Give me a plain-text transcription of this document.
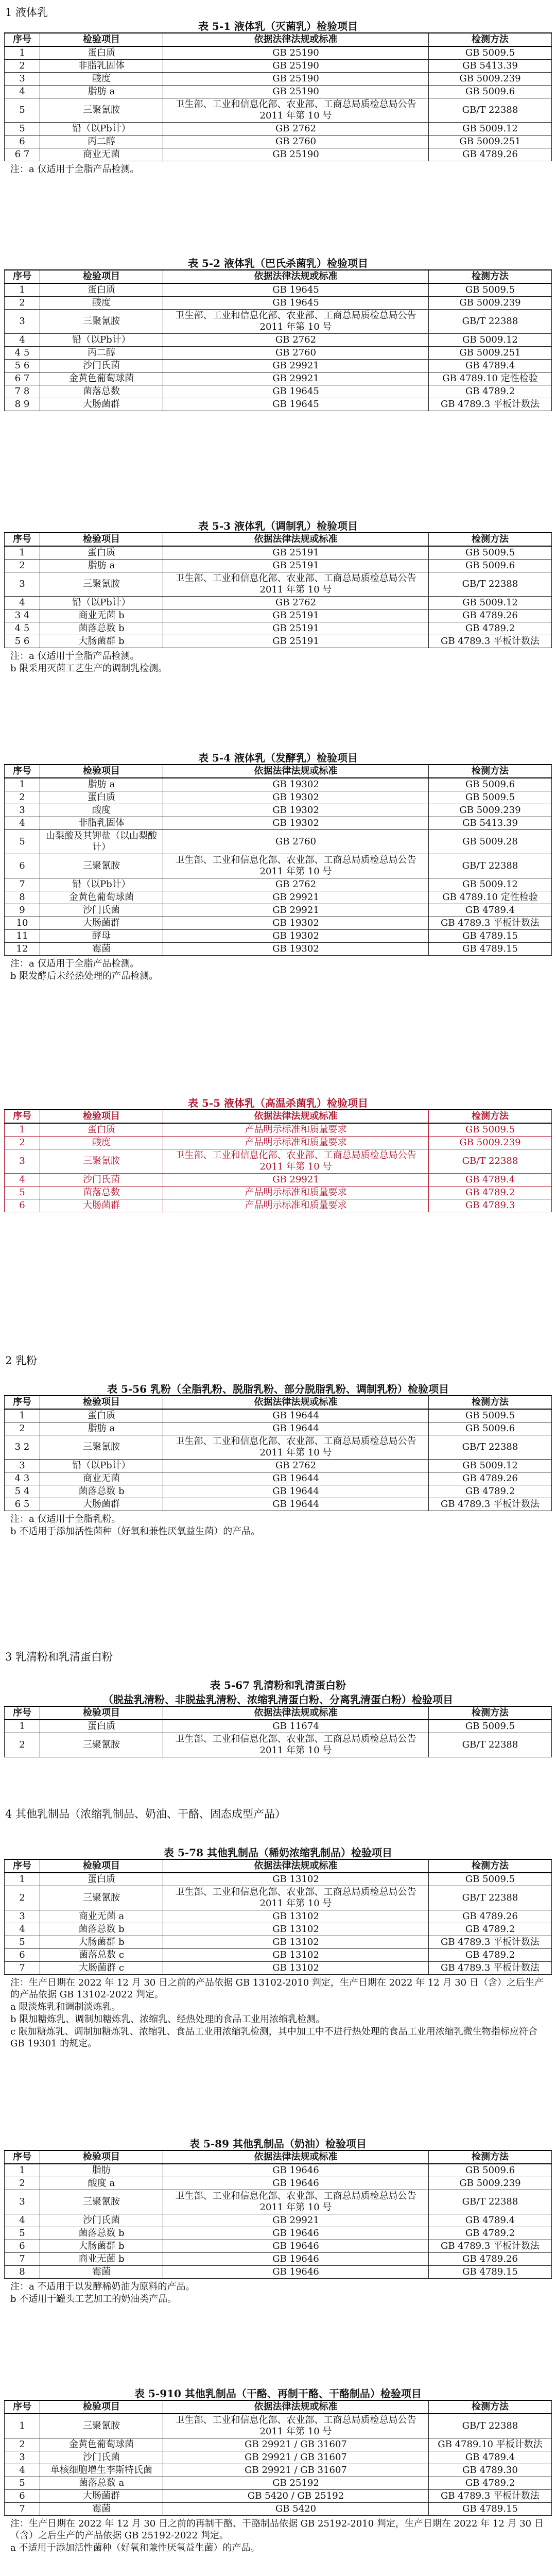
1 液体乳
2 乳粉
3 乳清粉和乳清蛋白粉
4 其他乳制品（浓缩乳制品、奶油、干酪、固态成型产品）
表 5-1 液体乳（灭菌乳）检验项目
序号	检验项目	依据法律法规或标准	检测方法
1	蛋白质	GB 25190	GB 5009.5
2	非脂乳固体	GB 25190	GB 5413.39
3	酸度	GB 25190	GB 5009.239
4	脂肪 a	GB 25190	GB 5009.6
5	三聚氰胺	卫生部、工业和信息化部、农业部、工商总局质检总局公告 2011 年第 10 号	GB/T 22388
5	铅（以Pb计）	GB 2762	GB 5009.12
6	丙二醇	GB 2760	GB 5009.251
6 7	商业无菌	GB 25190	GB 4789.26
注：a 仅适用于全脂产品检测。
表 5-2 液体乳（巴氏杀菌乳）检验项目
序号	检验项目	依据法律法规或标准	检测方法
1	蛋白质	GB 19645	GB 5009.5
2	酸度	GB 19645	GB 5009.239
3	三聚氰胺	卫生部、工业和信息化部、农业部、工商总局质检总局公告 2011 年第 10 号	GB/T 22388
4	铅（以Pb计）	GB 2762	GB 5009.12
4 5	丙二醇	GB 2760	GB 5009.251
5 6	沙门氏菌	GB 29921	GB 4789.4
6 7	金黄色葡萄球菌	GB 29921	GB 4789.10 定性检验
7 8	菌落总数	GB 19645	GB 4789.2
8 9	大肠菌群	GB 19645	GB 4789.3 平板计数法
表 5-3 液体乳（调制乳）检验项目
序号	检验项目	依据法律法规或标准	检测方法
1	蛋白质	GB 25191	GB 5009.5
2	脂肪 a	GB 25191	GB 5009.6
3	三聚氰胺	卫生部、工业和信息化部、农业部、工商总局质检总局公告 2011 年第 10 号	GB/T 22388
4	铅（以Pb计）	GB 2762	GB 5009.12
3 4	商业无菌 b	GB 25191	GB 4789.26
4 5	菌落总数 b	GB 25191	GB 4789.2
5 6	大肠菌群 b	GB 25191	GB 4789.3 平板计数法
注：a 仅适用于全脂产品检测。
b 限采用灭菌工艺生产的调制乳检测。
表 5-4 液体乳（发酵乳）检验项目
序号	检验项目	依据法律法规或标准	检测方法
1	脂肪 a	GB 19302	GB 5009.6
2	蛋白质	GB 19302	GB 5009.5
3	酸度	GB 19302	GB 5009.239
4	非脂乳固体	GB 19302	GB 5413.39
5	山梨酸及其钾盐（以山梨酸计）	GB 2760	GB 5009.28
6	三聚氰胺	卫生部、工业和信息化部、农业部、工商总局质检总局公告 2011 年第 10 号	GB/T 22388
7	铅（以Pb计）	GB 2762	GB 5009.12
8	金黄色葡萄球菌	GB 29921	GB 4789.10 定性检验
9	沙门氏菌	GB 29921	GB 4789.4
10	大肠菌群	GB 19302	GB 4789.3 平板计数法
11	酵母	GB 19302	GB 4789.15
12	霉菌	GB 19302	GB 4789.15
注：a 仅适用于全脂产品检测。
b 限发酵后未经热处理的产品检测。
表 5-5 液体乳（高温杀菌乳）检验项目
序号	检验项目	依据法律法规或标准	检测方法
1	蛋白质	产品明示标准和质量要求	GB 5009.5
2	酸度	产品明示标准和质量要求	GB 5009.239
3	三聚氰胺	卫生部、工业和信息化部、农业部、工商总局质检总局公告 2011 年第 10 号	GB/T 22388
4	沙门氏菌	GB 29921	GB 4789.4
5	菌落总数	产品明示标准和质量要求	GB 4789.2
6	大肠菌群	产品明示标准和质量要求	GB 4789.3
表 5-56 乳粉（全脂乳粉、脱脂乳粉、部分脱脂乳粉、调制乳粉）检验项目
序号	检验项目	依据法律法规或标准	检测方法
1	蛋白质	GB 19644	GB 5009.5
2	脂肪 a	GB 19644	GB 5009.6
3 2	三聚氰胺	卫生部、工业和信息化部、农业部、工商总局质检总局公告 2011 年第 10 号	GB/T 22388
3	铅（以Pb计）	GB 2762	GB 5009.12
4 3	商业无菌	GB 19644	GB 4789.26
5 4	菌落总数 b	GB 19644	GB 4789.2
6 5	大肠菌群	GB 19644	GB 4789.3 平板计数法
注：a 仅适用于全脂乳粉。
b 不适用于添加活性菌种（好氧和兼性厌氧益生菌）的产品。
表 5-67 乳清粉和乳清蛋白粉
（脱盐乳清粉、非脱盐乳清粉、浓缩乳清蛋白粉、分离乳清蛋白粉）检验项目
序号	检验项目	依据法律法规或标准	检测方法
1	蛋白质	GB 11674	GB 5009.5
2	三聚氰胺	卫生部、工业和信息化部、农业部、工商总局质检总局公告 2011 年第 10 号	GB/T 22388
表 5-78 其他乳制品（稀奶浓缩乳制品）检验项目
序号	检验项目	依据法律法规或标准	检测方法
1	蛋白质	GB 13102	GB 5009.5
2	三聚氰胺	卫生部、工业和信息化部、农业部、工商总局质检总局公告 2011 年第 10 号	GB/T 22388
3	商业无菌 a	GB 13102	GB 4789.26
4	菌落总数 b	GB 13102	GB 4789.2
5	大肠菌群 b	GB 13102	GB 4789.3 平板计数法
6	菌落总数 c	GB 13102	GB 4789.2
7	大肠菌群 c	GB 13102	GB 4789.3 平板计数法
注：生产日期在 2022 年 12 月 30 日之前的产品依据 GB 13102-2010 判定，生产日期在 2022 年 12 月 30 日（含）之后生产的产品依据 GB 13102-2022 判定。
a 限淡炼乳和调制淡炼乳。
b 限加糖炼乳、调制加糖炼乳、浓缩乳、经热处理的食品工业用浓缩乳检测。
c 限加糖炼乳、调制加糖炼乳、浓缩乳、食品工业用浓缩乳检测，其中加工中不进行热处理的食品工业用浓缩乳微生物指标应符合 GB 19301 的规定。
表 5-89 其他乳制品（奶油）检验项目
序号	检验项目	依据法律法规或标准	检测方法
1	脂肪	GB 19646	GB 5009.6
2	酸度 a	GB 19646	GB 5009.239
3	三聚氰胺	卫生部、工业和信息化部、农业部、工商总局质检总局公告 2011 年第 10 号	GB/T 22388
4	沙门氏菌	GB 29921	GB 4789.4
5	菌落总数 b	GB 19646	GB 4789.2
6	大肠菌群 b	GB 19646	GB 4789.3 平板计数法
7	商业无菌 b	GB 19646	GB 4789.26
8	霉菌	GB 19646	GB 4789.15
注：a 不适用于以发酵稀奶油为原料的产品。
b 不适用于罐头工艺加工的奶油类产品。
表 5-910 其他乳制品（干酪、再制干酪、干酪制品）检验项目
序号	检验项目	依据法律法规或标准	检测方法
1	三聚氰胺	卫生部、工业和信息化部、农业部、工商总局质检总局公告 2011 年第 10 号	GB/T 22388
2	金黄色葡萄球菌	GB 29921 / GB 31607	GB 4789.10 平板计数法
3	沙门氏菌	GB 29921 / GB 31607	GB 4789.4
4	单核细胞增生李斯特氏菌	GB 29921 / GB 31607	GB 4789.30
5	菌落总数 a	GB 25192	GB 4789.2
6	大肠菌群	GB 5420 / GB 25192	GB 4789.3 平板计数法
7	霉菌	GB 5420	GB 4789.15
注：生产日期在 2022 年 12 月 30 日之前的再制干酪、干酪制品依据 GB 25192-2010 判定，生产日期在 2022 年 12 月 30 日（含）之后生产的产品依据 GB 25192-2022 判定。
a 不适用于添加活性菌种（好氧和兼性厌氧益生菌）的产品。
